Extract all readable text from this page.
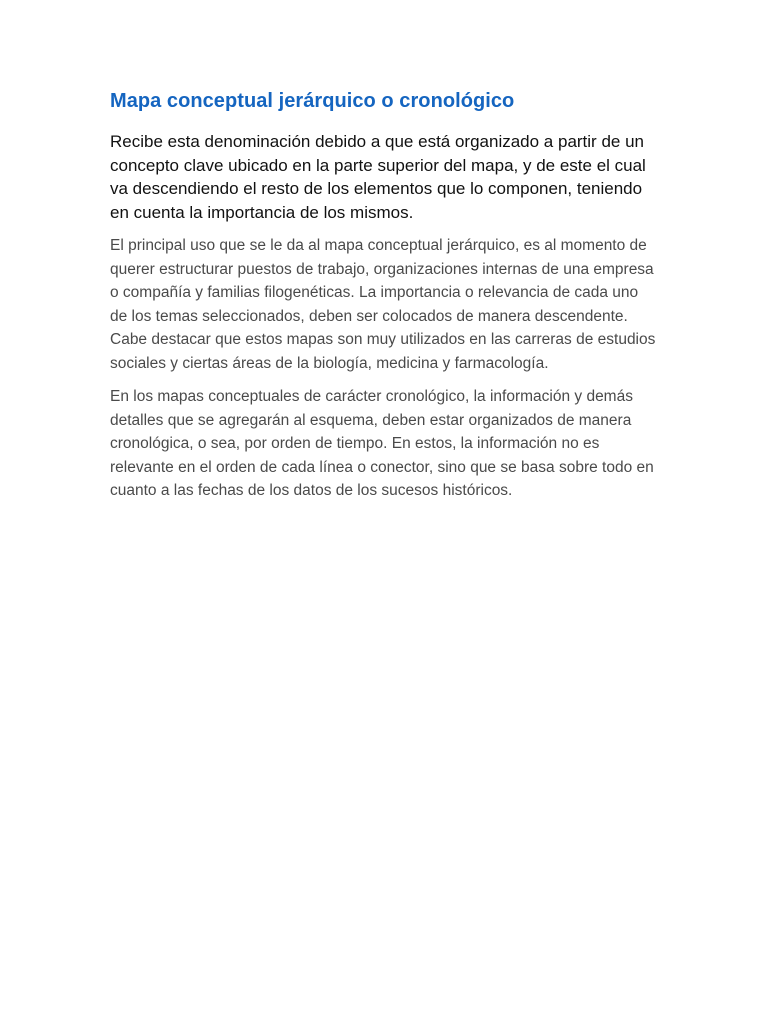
Mapa conceptual jerárquico o cronológico

Recibe esta denominación debido a que está organizado a partir de un concepto clave ubicado en la parte superior del mapa, y de este el cual va descendiendo el resto de los elementos que lo componen, teniendo en cuenta la importancia de los mismos.

El principal uso que se le da al mapa conceptual jerárquico, es al momento de querer estructurar puestos de trabajo, organizaciones internas de una empresa o compañía y familias filogenéticas. La importancia o relevancia de cada uno de los temas seleccionados, deben ser colocados de manera descendente. Cabe destacar que estos mapas son muy utilizados en las carreras de estudios sociales y ciertas áreas de la biología, medicina y farmacología.

En los mapas conceptuales de carácter cronológico, la información y demás detalles que se agregarán al esquema, deben estar organizados de manera cronológica, o sea, por orden de tiempo. En estos, la información no es relevante en el orden de cada línea o conector, sino que se basa sobre todo en cuanto a las fechas de los datos de los sucesos históricos.
